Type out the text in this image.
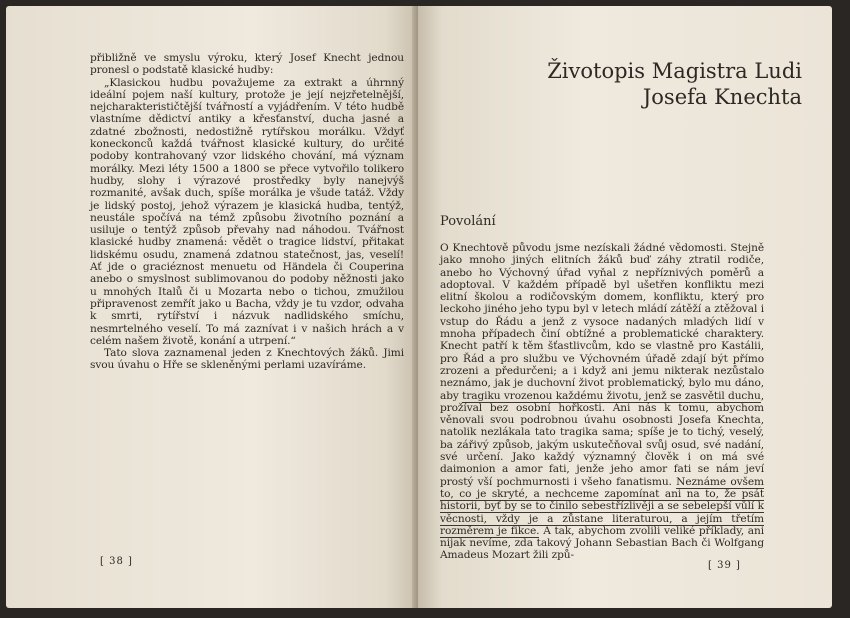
přibližně ve smyslu výroku, který Josef Knecht jednou pronesl o podstatě klasické hudby:

„Klasickou hudbu považujeme za extrakt a úhrnný ideální pojem naší kultury, protože je její nejzřetelnější, nejcharakterističtější tvářností a vyjádřením. V této hudbě vlastníme dědictví antiky a křesťanství, ducha jasné a zdatné zbožnosti, nedostižně rytířskou morálku. Vždyť koneckonců každá tvářnost klasické kultury, do určité podoby kontrahovaný vzor lidského chování, má význam morálky. Mezi léty 1500 a 1800 se přece vytvořilo tolikero hudby, slohy i výrazové prostředky byly nanejvýš rozmanité, avšak duch, spíše morálka je všude tatáž. Vždy je lidský postoj, jehož výrazem je klasická hudba, tentýž, neustále spočívá na témž způsobu životního poznání a usiluje o tentýž způsob převahy nad náhodou. Tvářnost klasické hudby znamená: vědět o tragice lidství, přitakat lidskému osudu, znamená zdatnou statečnost, jas, veselí! Ať jde o graciéznost menuetu od Händela či Couperina anebo o smyslnost sublimovanou do podoby něžnosti jako u mnohých Italů či u Mozarta nebo o tichou, zmužilou připravenost zemřít jako u Bacha, vždy je tu vzdor, odvaha k smrti, rytířství i názvuk nadlidského smíchu, nesmrtelného veselí. To má zaznívat i v našich hrách a v celém našem životě, konání a utrpení.“

Tato slova zaznamenal jeden z Knechtových žáků. Jimi svou úvahu o Hře se skleněnými perlami uzavíráme.

[ 38 ]
Životopis Magistra Ludi
Josefa Knechta
Povolání

O Knechtově původu jsme nezískali žádné vědomosti. Stejně jako mnoho jiných elitních žáků buď záhy ztratil rodiče, anebo ho Výchovný úřad vyňal z nepříznivých poměrů a adoptoval. V každém případě byl ušetřen konfliktu mezi elitní školou a rodičovským domem, konfliktu, který pro leckoho jiného jeho typu byl v letech mládí zátěží a ztěžoval i vstup do Řádu a jenž z vysoce nadaných mladých lidí v mnoha případech činí obtížné a problematické charaktery. Knecht patří k těm šťastlivcům, kdo se vlastně pro Kastálii, pro Řád a pro službu ve Výchovném úřadě zdají být přímo zrozeni a předurčeni; a i když ani jemu nikterak nezůstalo neznámo, jak je duchovní život problematický, bylo mu dáno, aby tragiku vrozenou každému životu, jenž se zasvětil duchu, prožíval bez osobní hořkosti. Ani nás k tomu, abychom věnovali svou podrobnou úvahu osobnosti Josefa Knechta, natolik nezlákala tato tragika sama; spíše je to tichý, veselý, ba zářivý způsob, jakým uskutečňoval svůj osud, své nadání, své určení. Jako každý významný člověk i on má své daimonion a amor fati, jenže jeho amor fati se nám jeví prostý vší pochmurnosti i všeho fanatismu. Neznáme ovšem to, co je skryté, a nechceme zapomínat ani na to, že psát historii, byť by se to činilo sebestřízlivěji a se sebelepší vůlí k věcnosti, vždy je a zůstane literaturou, a jejím třetím rozměrem je fikce. A tak, abychom zvolili veliké příklady, ani nijak nevíme, zda takový Johann Sebastian Bach či Wolfgang Amadeus Mozart žili způ-

[ 39 ]
